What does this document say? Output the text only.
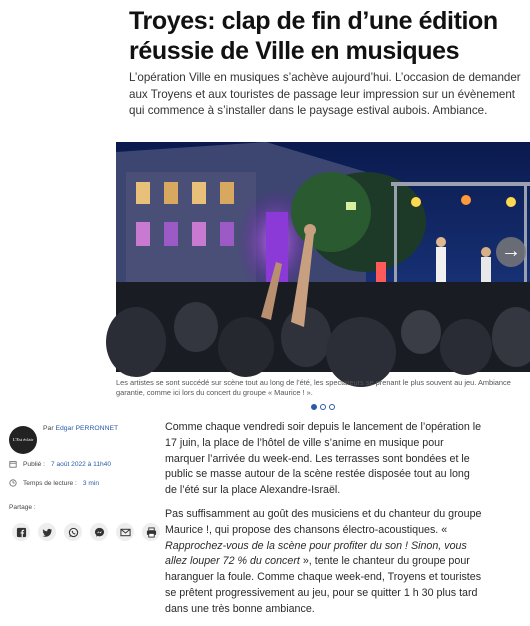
Troyes: clap de fin d’une édition réussie de Ville en musiques

L’opération Ville en musiques s’achève aujourd’hui. L’occasion de demander aux Troyens et aux touristes de passage leur impression sur un évènement qui commence à s’installer dans le paysage estival aubois. Ambiance.

→

Les artistes se sont succédé sur scène tout au long de l’été, les spectateurs se prenant le plus souvent au jeu. Ambiance garantie, comme ici lors du concert du groupe « Maurice ! ».

L'Est éclair
Par Edgar PERRONNET
Publié : 7 août 2022 à 11h40
Temps de lecture : 3 min
Partage :

Comme chaque vendredi soir depuis le lancement de l’opération le 17 juin, la place de l’hôtel de ville s’anime en musique pour marquer l’arrivée du week-end. Les terrasses sont bondées et le public se masse autour de la scène restée disposée tout au long de l’été sur la place Alexandre-Israël.

Pas suffisamment au goût des musiciens et du chanteur du groupe Maurice !, qui propose des chansons électro-acoustiques. « Rapprochez-vous de la scène pour profiter du son ! Sinon, vous allez louper 72 % du concert », tente le chanteur du groupe pour haranguer la foule. Comme chaque week-end, Troyens et touristes se prêtent progressivement au jeu, pour se quitter 1 h 30 plus tard dans une très bonne ambiance.
